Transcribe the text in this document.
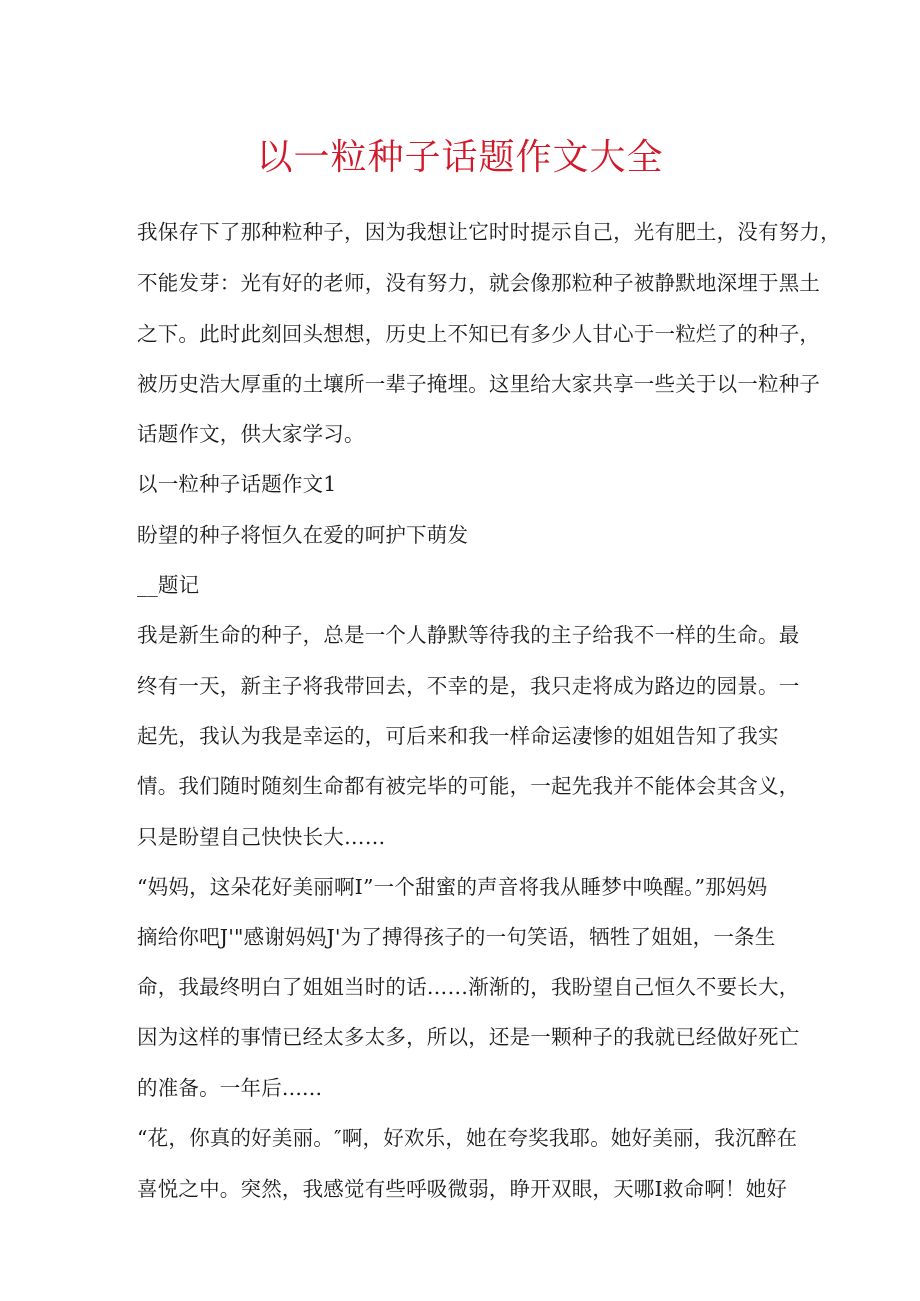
以一粒种子话题作文大全
我保存下了那种粒种子，因为我想让它时时提示自己，光有肥土，没有努力，
不能发芽：光有好的老师，没有努力，就会像那粒种子被静默地深埋于黑土
之下。此时此刻回头想想，历史上不知已有多少人甘心于一粒烂了的种子，
被历史浩大厚重的土壤所一辈子掩埋。这里给大家共享一些关于以一粒种子
话题作文，供大家学习。
以一粒种子话题作文1
盼望的种子将恒久在爱的呵护下萌发
__题记
我是新生命的种子，总是一个人静默等待我的主子给我不一样的生命。最
终有一天，新主子将我带回去，不幸的是，我只走将成为路边的园景。一
起先，我认为我是幸运的，可后来和我一样命运凄惨的姐姐告知了我实
情。我们随时随刻生命都有被完毕的可能，一起先我并不能体会其含义，
只是盼望自己快快长大……
“妈妈，这朵花好美丽啊I”一个甜蜜的声音将我从睡梦中唤醒。”那妈妈
摘给你吧J'"感谢妈妈J'为了搏得孩子的一句笑语，牺牲了姐姐，一条生
命，我最终明白了姐姐当时的话……渐渐的，我盼望自己恒久不要长大，
因为这样的事情已经太多太多，所以，还是一颗种子的我就已经做好死亡
的准备。一年后......
“花，你真的好美丽。″啊，好欢乐，她在夸奖我耶。她好美丽，我沉醉在
喜悦之中。突然，我感觉有些呼吸微弱，睁开双眼，天哪I救命啊！她好
